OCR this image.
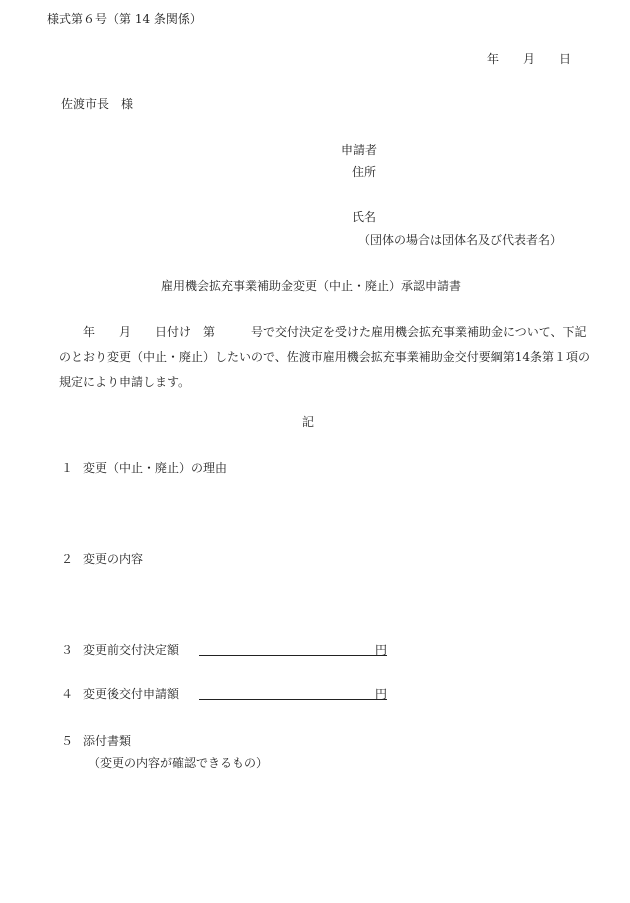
様式第６号（第 14 条関係）
年 月 日
佐渡市長　様
申請者
住所
氏名
（団体の場合は団体名及び代表者名）
雇用機会拡充事業補助金変更（中止・廃止）承認申請書
　　年　　月　　日付け　第　　　号で交付決定を受けた雇用機会拡充事業補助金について、下記
のとおり変更（中止・廃止）したいので、佐渡市雇用機会拡充事業補助金交付要綱第14条第１項の
規定により申請します。
記
１ 変更（中止・廃止）の理由
２ 変更の内容
３ 変更前交付決定額	円
４ 変更後交付申請額	円
５ 添付書類
（変更の内容が確認できるもの）
